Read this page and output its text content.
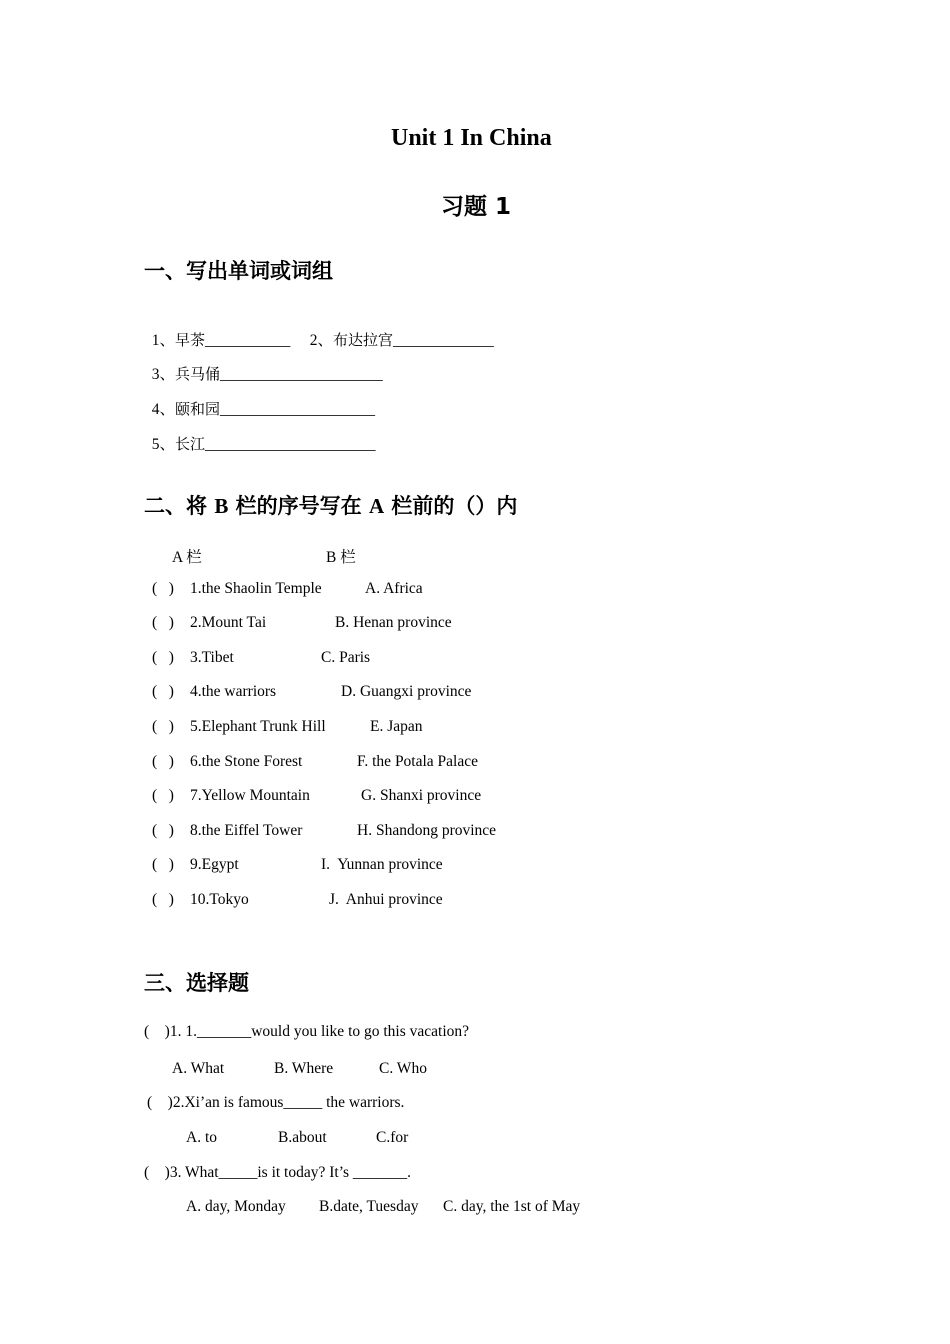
Unit 1 In China
习题 1
一、写出单词或词组

1、早茶___________	2、布达拉宫_____________

3、兵马俑_____________________

4、颐和园____________________

5、长江______________________

二、将 B 栏的序号写在 A 栏前的（）内
A 栏	B 栏
(   ) 1.the Shaolin Temple	A. Africa
(   ) 2.Mount Tai	B. Henan province
(   ) 3.Tibet	C. Paris
(   ) 4.the warriors	D. Guangxi province
(   ) 5.Elephant Trunk Hill	E. Japan
(   ) 6.the Stone Forest	F. the Potala Palace
(   ) 7.Yellow Mountain	G. Shanxi province
(   ) 8.the Eiffel Tower	H. Shandong province
(   ) 9.Egypt	I.  Yunnan province
(   ) 10.Tokyo	J.  Anhui province
三、选择题
(    )1. 1._______would you like to go this vacation?
A. What	B. Where	C. Who
(    )2.Xi’an is famous_____ the warriors.
A. to	B.about	C.for
(    )3. What_____is it today? It’s _______.
A. day, Monday B.date, Tuesday C. day, the 1st of May
